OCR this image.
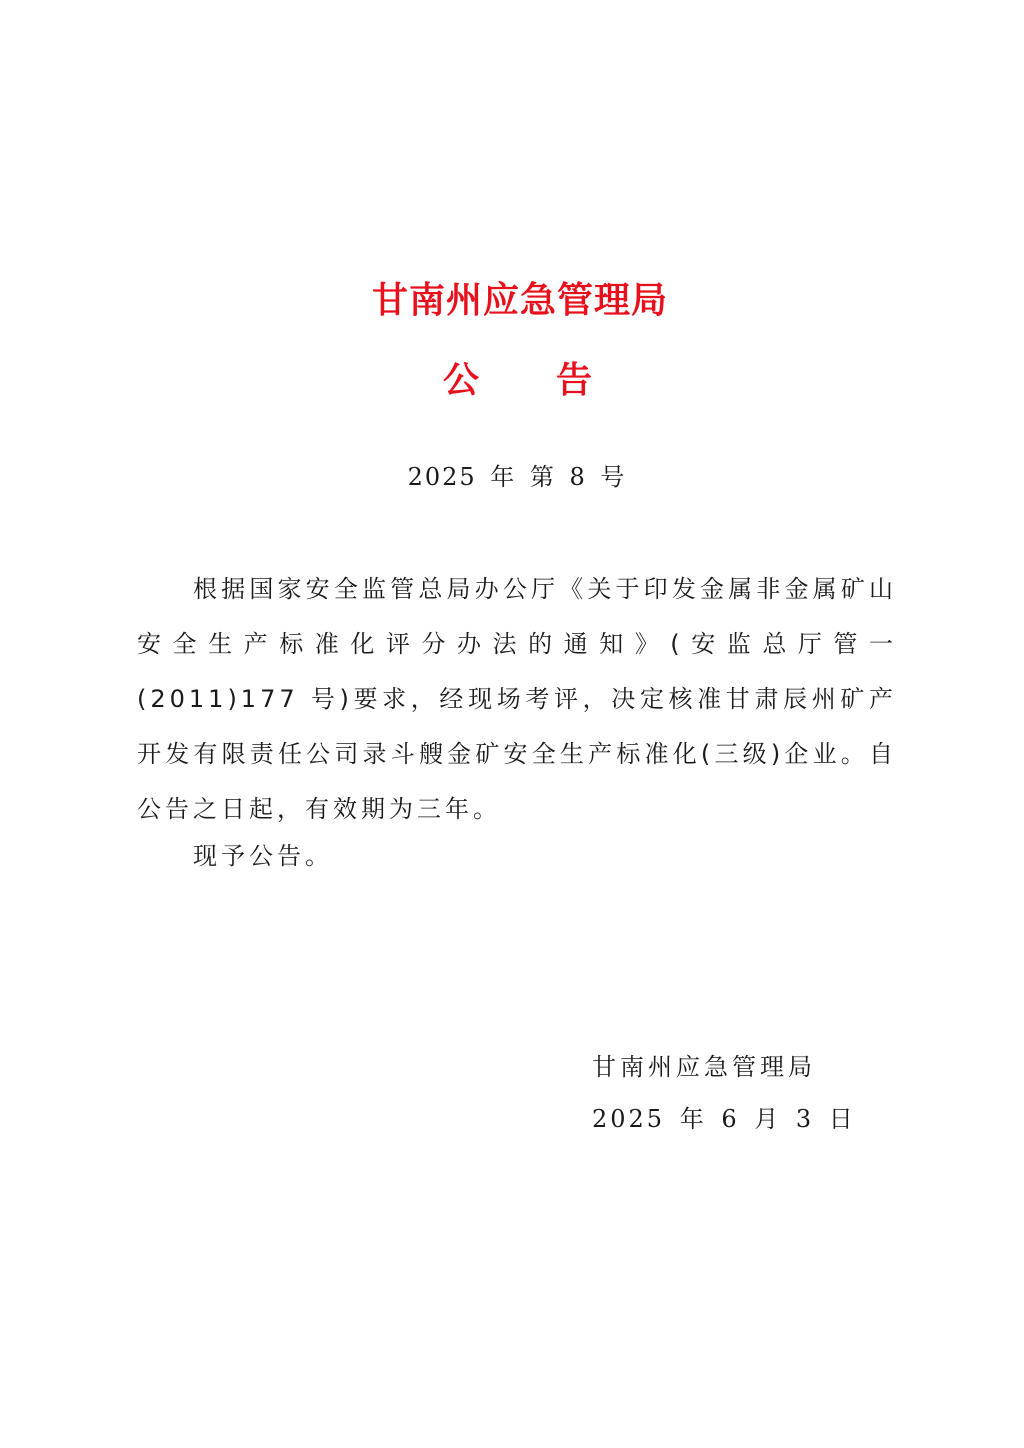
甘南州应急管理局
公 告
2025 年 第 8 号

根据国家安全监管总局办公厅《关于印发金属非金属矿山安全生产标准化评分办法的通知》(安监总厅管一(2011)177 号)要求，经现场考评，决定核准甘肃辰州矿产开发有限责任公司录斗艘金矿安全生产标准化(三级)企业。自公告之日起，有效期为三年。

现予公告。
甘南州应急管理局
2025 年 6 月 3 日
